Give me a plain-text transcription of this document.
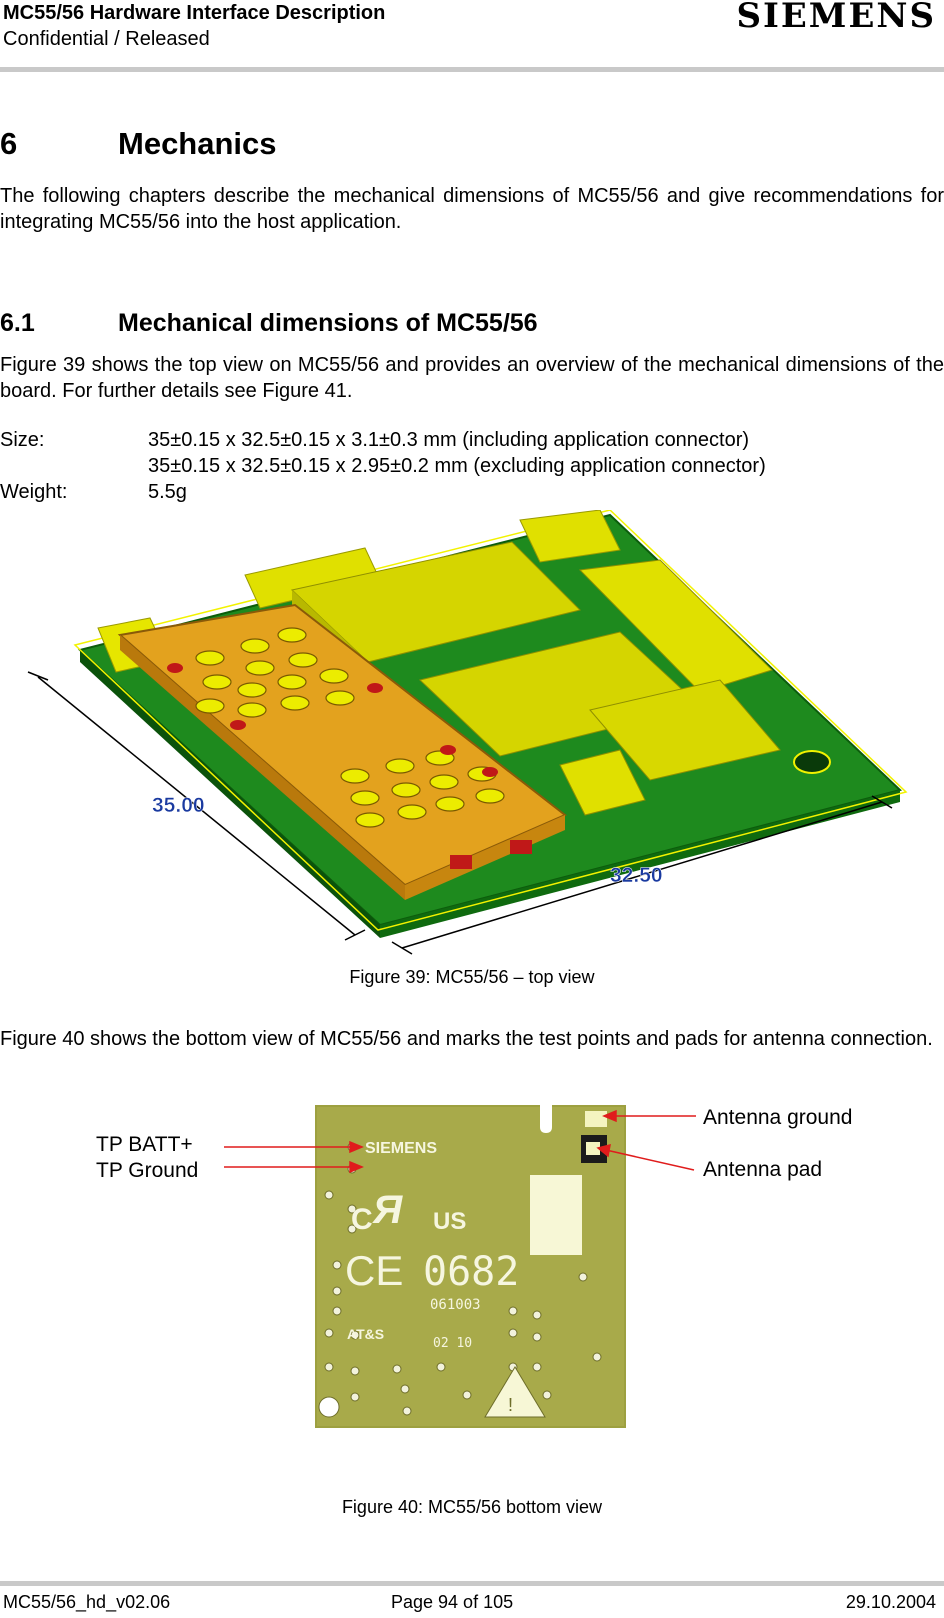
MC55/56 Hardware Interface Description
Confidential / Released
SIEMENS
6	Mechanics

The following chapters describe the mechanical dimensions of MC55/56 and give recommendations for integrating MC55/56 into the host application.

6.1	Mechanical dimensions of MC55/56

Figure 39 shows the top view on MC55/56 and provides an overview of the mechanical dimensions of the board. For further details see Figure 41.

Size:	35±0.15 x 32.5±0.15 x 3.1±0.3 mm (including application connector)
35±0.15 x 32.5±0.15 x 2.95±0.2 mm (excluding application connector)
Weight:	5.5g
35.00
32.50
Figure 39: MC55/56 – top view

Figure 40 shows the bottom view of MC55/56 and marks the test points and pads for antenna connection.

SIEMENS
C Я US
CE 0682
061003
AT&S
02 10
!
TP BATT+
TP Ground
Antenna ground
Antenna pad
Figure 40: MC55/56 bottom view
MC55/56_hd_v02.06	Page 94 of 105	29.10.2004
